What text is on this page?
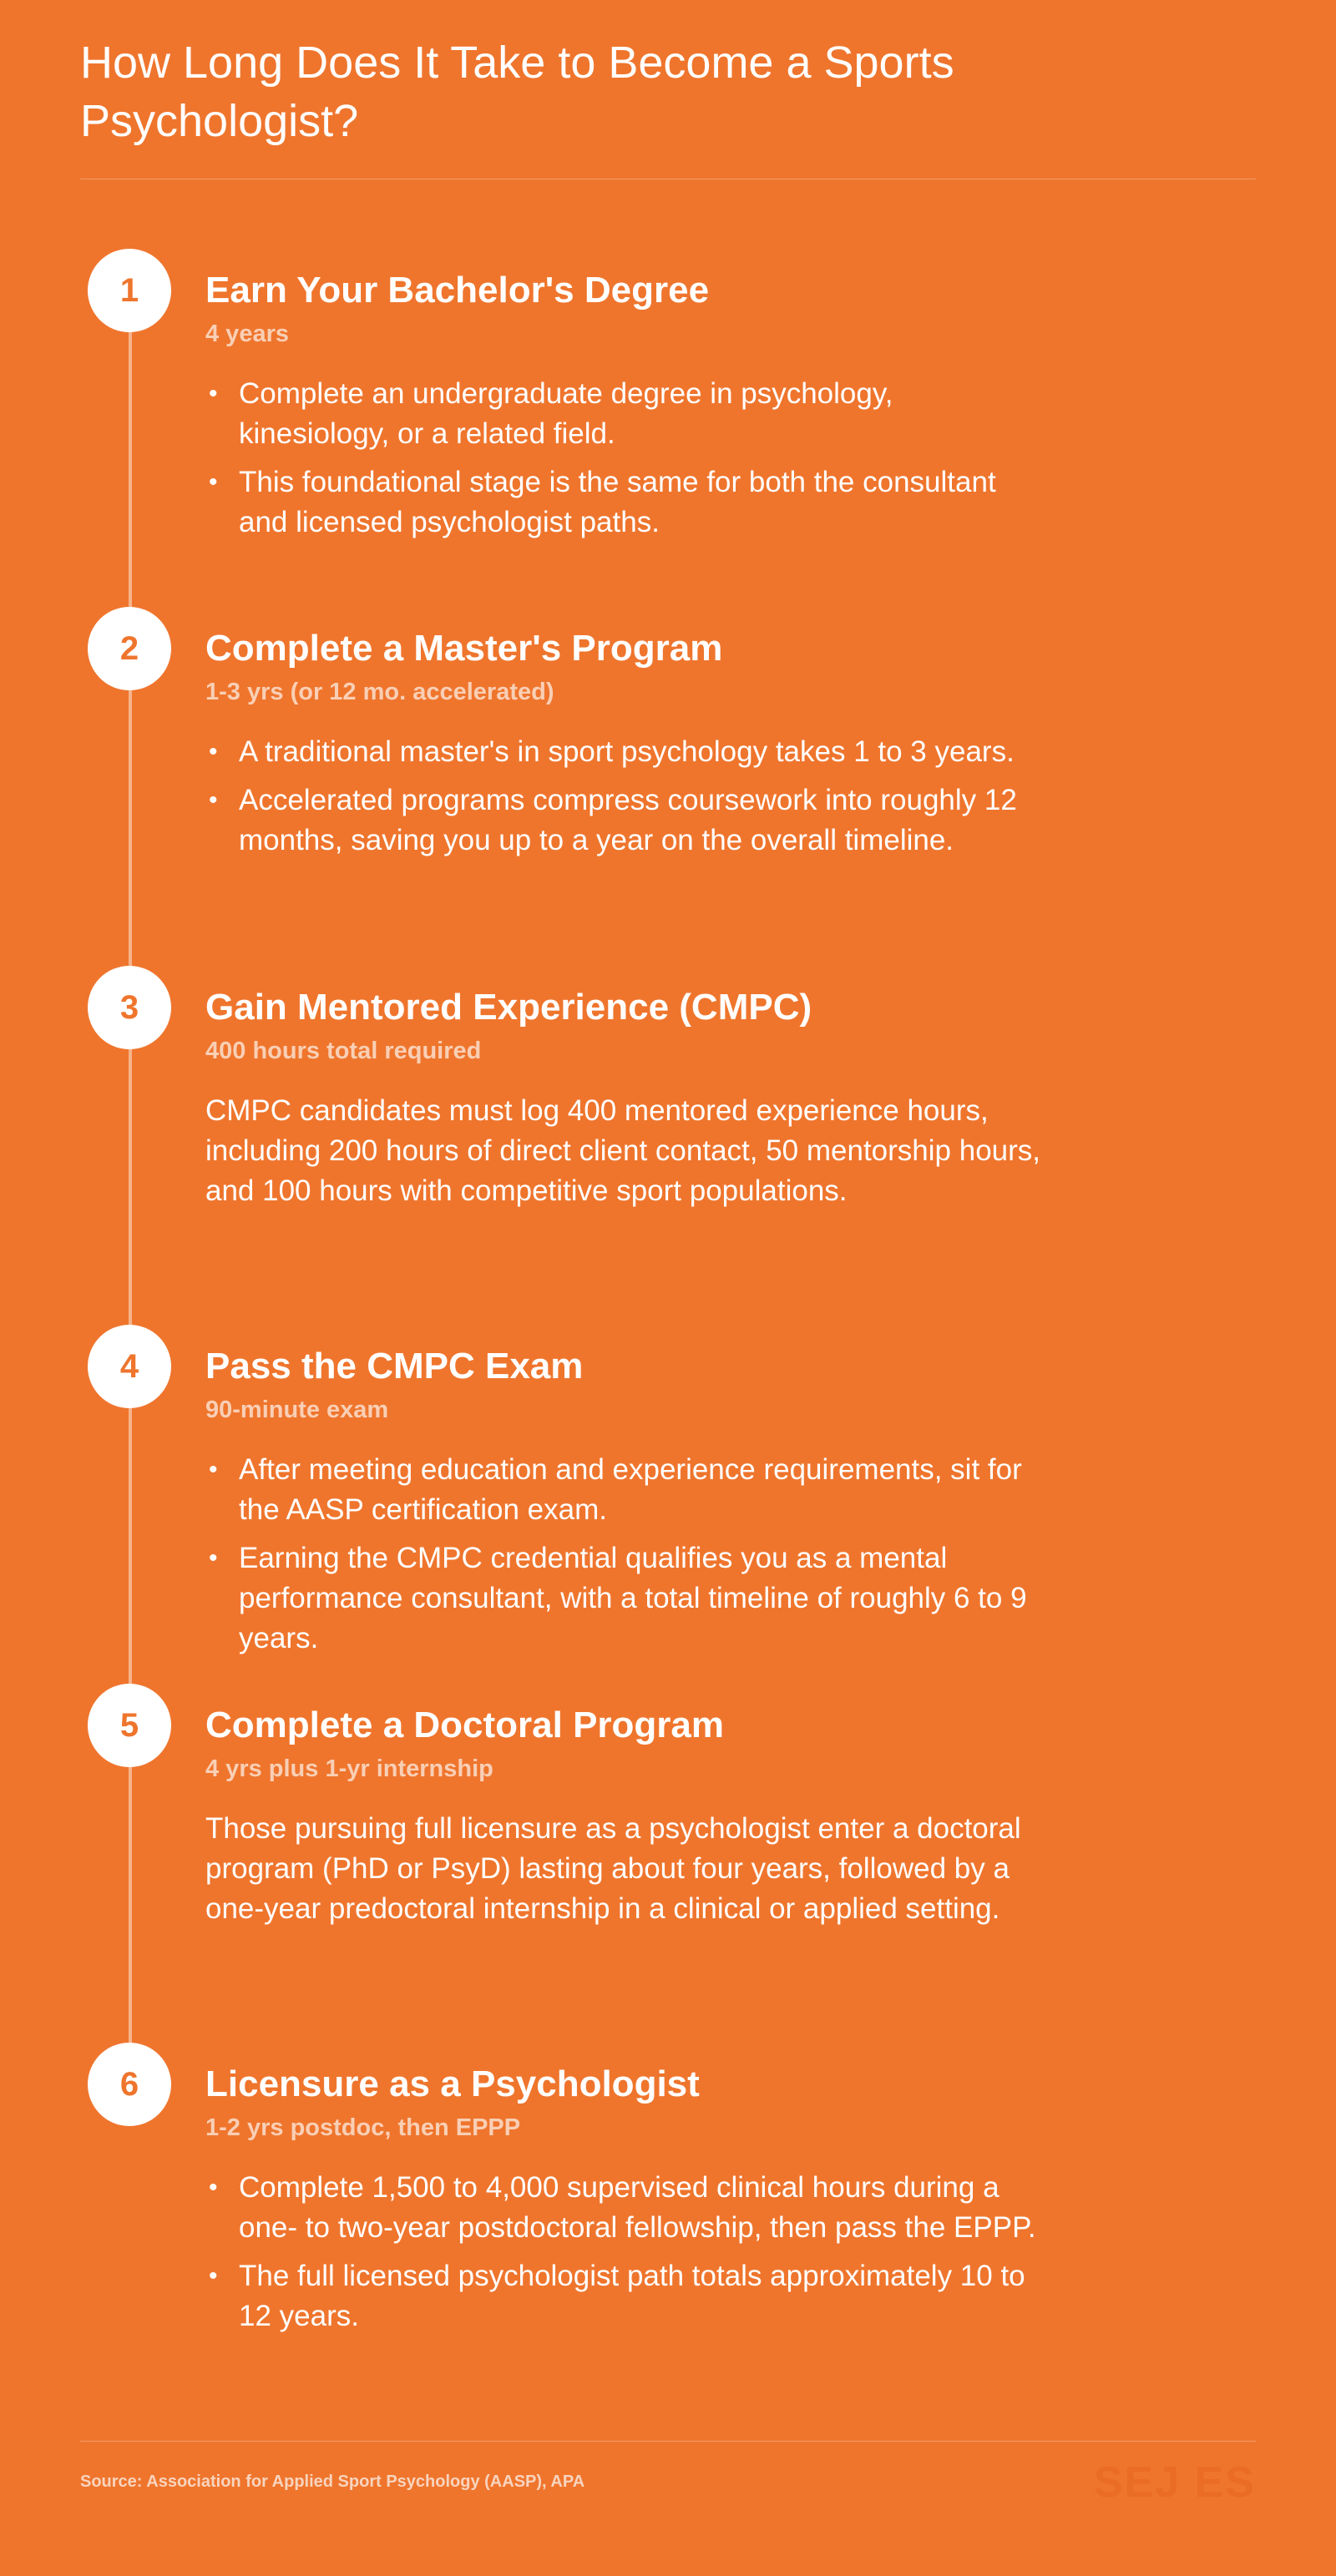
How Long Does It Take to Become a Sports Psychologist?
1	Earn Your Bachelor's Degree
4 years
• Complete an undergraduate degree in psychology, kinesiology, or a related field.
• This foundational stage is the same for both the consultant and licensed psychologist paths.
2	Complete a Master's Program
1-3 yrs (or 12 mo. accelerated)
• A traditional master's in sport psychology takes 1 to 3 years.
• Accelerated programs compress coursework into roughly 12 months, saving you up to a year on the overall timeline.
3	Gain Mentored Experience (CMPC)
400 hours total required

CMPC candidates must log 400 mentored experience hours, including 200 hours of direct client contact, 50 mentorship hours, and 100 hours with competitive sport populations.

4	Pass the CMPC Exam
90-minute exam
• After meeting education and experience requirements, sit for the AASP certification exam.
• Earning the CMPC credential qualifies you as a mental performance consultant, with a total timeline of roughly 6 to 9 years.
5	Complete a Doctoral Program
4 yrs plus 1-yr internship

Those pursuing full licensure as a psychologist enter a doctoral program (PhD or PsyD) lasting about four years, followed by a one-year predoctoral internship in a clinical or applied setting.

6	Licensure as a Psychologist
1-2 yrs postdoc, then EPPP
• Complete 1,500 to 4,000 supervised clinical hours during a one- to two-year postdoctoral fellowship, then pass the EPPP.
• The full licensed psychologist path totals approximately 10 to 12 years.
Source: Association for Applied Sport Psychology (AASP), APA	SEJ ES
